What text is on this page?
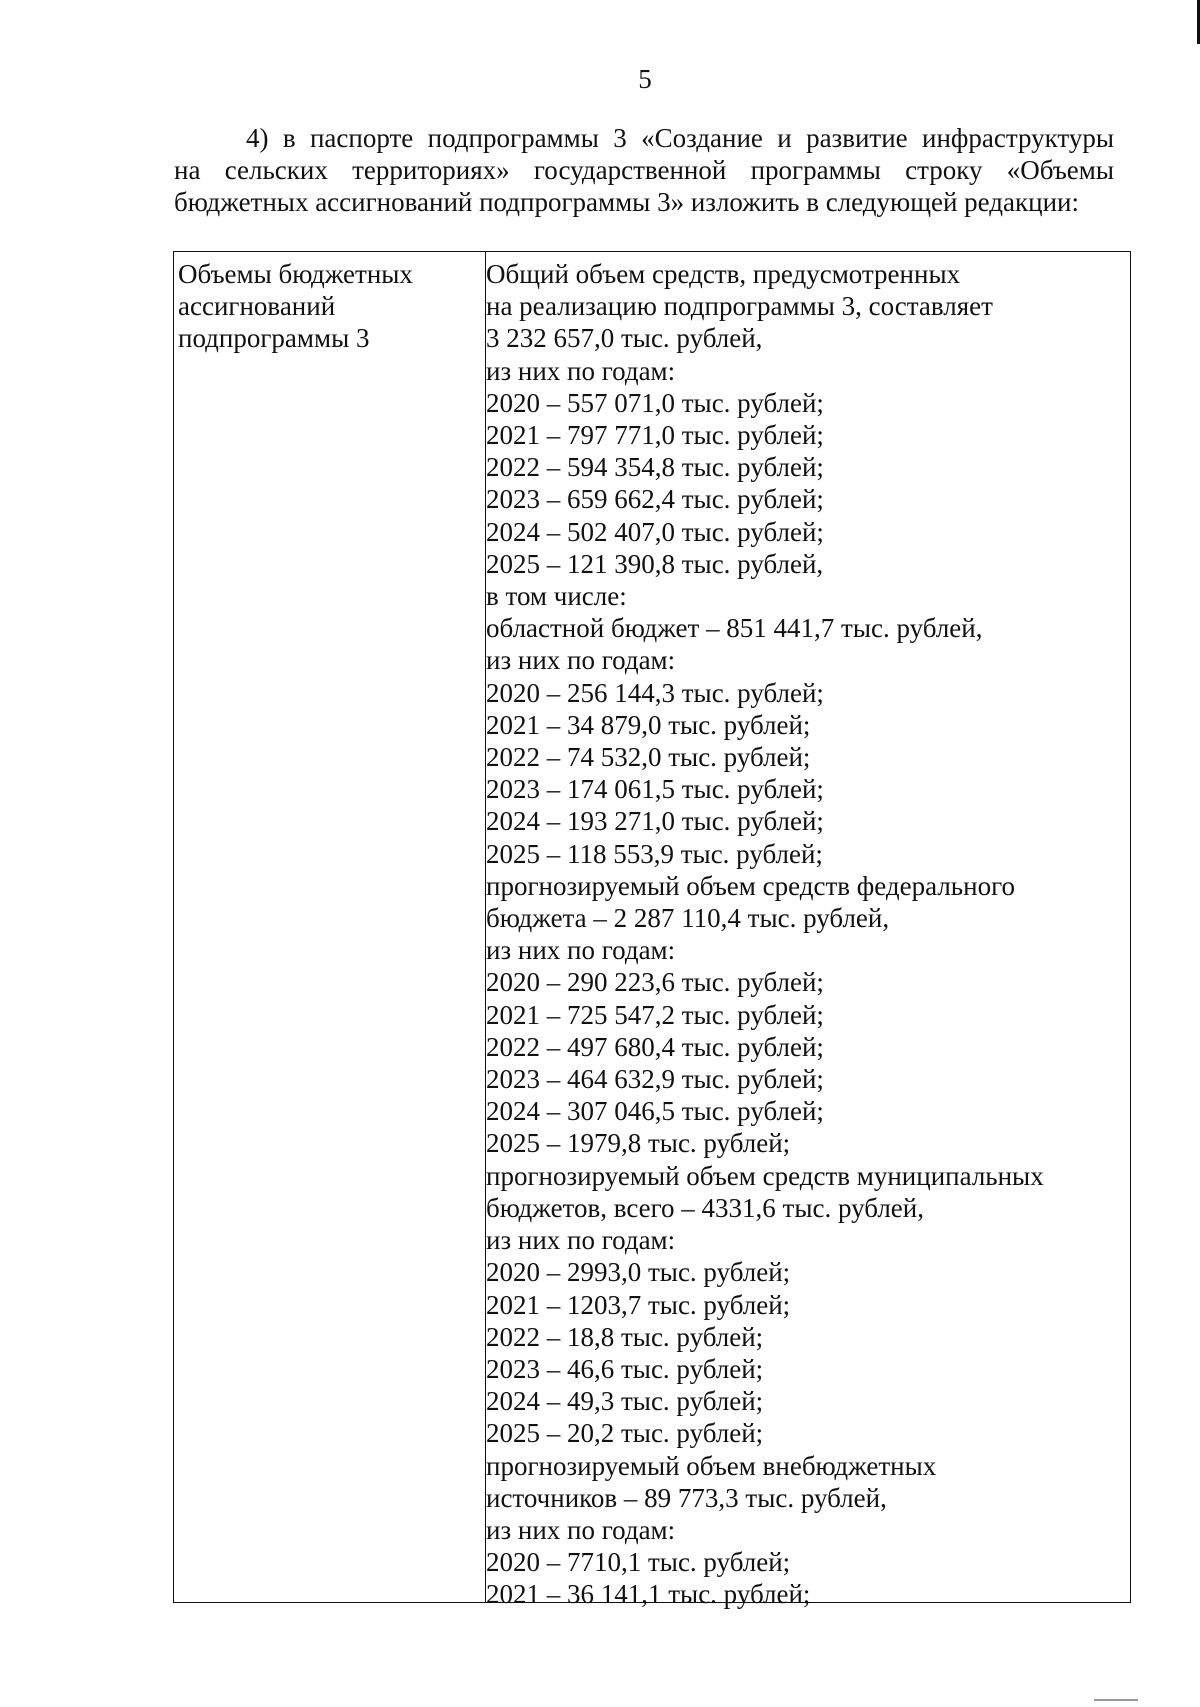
5
4) в паспорте подпрограммы 3 «Создание и развитие инфраструктуры
на сельских территориях» государственной программы строку «Объемы
бюджетных ассигнований подпрограммы 3» изложить в следующей редакции:
Объемы бюджетных
ассигнований
подпрограммы 3
Общий объем средств, предусмотренных
на реализацию подпрограммы 3, составляет
3 232 657,0 тыс. рублей,
из них по годам:
2020 – 557 071,0 тыс. рублей;
2021 – 797 771,0 тыс. рублей;
2022 – 594 354,8 тыс. рублей;
2023 – 659 662,4 тыс. рублей;
2024 – 502 407,0 тыс. рублей;
2025 – 121 390,8 тыс. рублей,
в том числе:
областной бюджет – 851 441,7 тыс. рублей,
из них по годам:
2020 – 256 144,3 тыс. рублей;
2021 – 34 879,0 тыс. рублей;
2022 – 74 532,0 тыс. рублей;
2023 – 174 061,5 тыс. рублей;
2024 – 193 271,0 тыс. рублей;
2025 – 118 553,9 тыс. рублей;
прогнозируемый объем средств федерального
бюджета – 2 287 110,4 тыс. рублей,
из них по годам:
2020 – 290 223,6 тыс. рублей;
2021 – 725 547,2 тыс. рублей;
2022 – 497 680,4 тыс. рублей;
2023 – 464 632,9 тыс. рублей;
2024 – 307 046,5 тыс. рублей;
2025 – 1979,8 тыс. рублей;
прогнозируемый объем средств муниципальных
бюджетов, всего – 4331,6 тыс. рублей,
из них по годам:
2020 – 2993,0 тыс. рублей;
2021 – 1203,7 тыс. рублей;
2022 – 18,8 тыс. рублей;
2023 – 46,6 тыс. рублей;
2024 – 49,3 тыс. рублей;
2025 – 20,2 тыс. рублей;
прогнозируемый объем внебюджетных
источников – 89 773,3 тыс. рублей,
из них по годам:
2020 – 7710,1 тыс. рублей;
2021 – 36 141,1 тыс. рублей;
